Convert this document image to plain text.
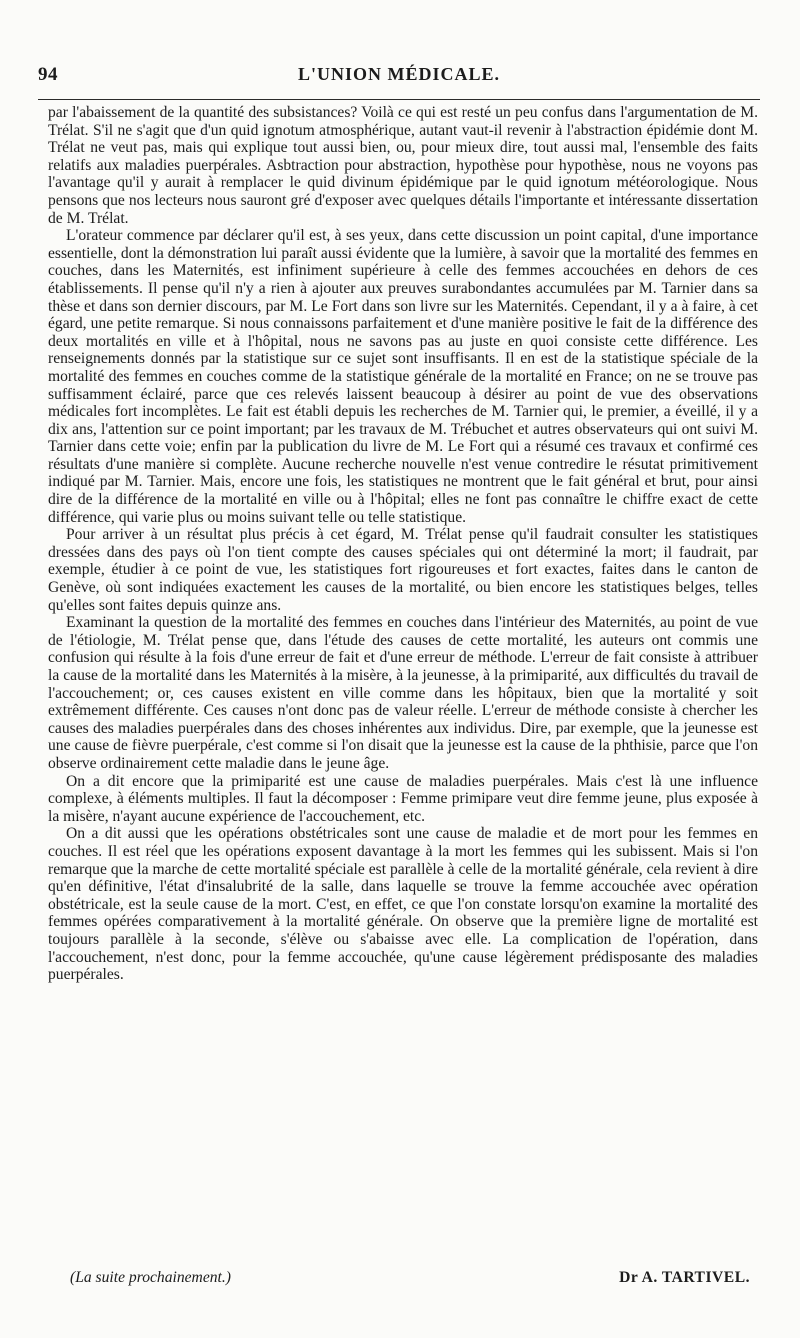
94	L'UNION MÉDICALE.

par l'abaissement de la quantité des subsistances? Voilà ce qui est resté un peu confus dans l'argumentation de M. Trélat. S'il ne s'agit que d'un quid ignotum atmosphérique, autant vaut-il revenir à l'abstraction épidémie dont M. Trélat ne veut pas, mais qui explique tout aussi bien, ou, pour mieux dire, tout aussi mal, l'ensemble des faits relatifs aux maladies puerpérales. Asbtraction pour abstraction, hypothèse pour hypothèse, nous ne voyons pas l'avantage qu'il y aurait à remplacer le quid divinum épidémique par le quid ignotum météorologique. Nous pensons que nos lecteurs nous sauront gré d'exposer avec quelques détails l'importante et intéressante dissertation de M. Trélat.

L'orateur commence par déclarer qu'il est, à ses yeux, dans cette discussion un point capital, d'une importance essentielle, dont la démonstration lui paraît aussi évidente que la lumière, à savoir que la mortalité des femmes en couches, dans les Maternités, est infiniment supérieure à celle des femmes accouchées en dehors de ces établissements. Il pense qu'il n'y a rien à ajouter aux preuves surabondantes accumulées par M. Tarnier dans sa thèse et dans son dernier discours, par M. Le Fort dans son livre sur les Maternités. Cependant, il y a à faire, à cet égard, une petite remarque. Si nous connaissons parfaitement et d'une manière positive le fait de la différence des deux mortalités en ville et à l'hôpital, nous ne savons pas au juste en quoi consiste cette différence. Les renseignements donnés par la statistique sur ce sujet sont insuffisants. Il en est de la statistique spéciale de la mortalité des femmes en couches comme de la statistique générale de la mortalité en France; on ne se trouve pas suffisamment éclairé, parce que ces relevés laissent beaucoup à désirer au point de vue des observations médicales fort incomplètes. Le fait est établi depuis les recherches de M. Tarnier qui, le premier, a éveillé, il y a dix ans, l'attention sur ce point important; par les travaux de M. Trébuchet et autres observateurs qui ont suivi M. Tarnier dans cette voie; enfin par la publication du livre de M. Le Fort qui a résumé ces travaux et confirmé ces résultats d'une manière si complète. Aucune recherche nouvelle n'est venue contredire le résutat primitivement indiqué par M. Tarnier. Mais, encore une fois, les statistiques ne montrent que le fait général et brut, pour ainsi dire de la différence de la mortalité en ville ou à l'hôpital; elles ne font pas connaître le chiffre exact de cette différence, qui varie plus ou moins suivant telle ou telle statistique.

Pour arriver à un résultat plus précis à cet égard, M. Trélat pense qu'il faudrait consulter les statistiques dressées dans des pays où l'on tient compte des causes spéciales qui ont déterminé la mort; il faudrait, par exemple, étudier à ce point de vue, les statistiques fort rigoureuses et fort exactes, faites dans le canton de Genève, où sont indiquées exactement les causes de la mortalité, ou bien encore les statistiques belges, telles qu'elles sont faites depuis quinze ans.

Examinant la question de la mortalité des femmes en couches dans l'intérieur des Maternités, au point de vue de l'étiologie, M. Trélat pense que, dans l'étude des causes de cette mortalité, les auteurs ont commis une confusion qui résulte à la fois d'une erreur de fait et d'une erreur de méthode. L'erreur de fait consiste à attribuer la cause de la mortalité dans les Maternités à la misère, à la jeunesse, à la primiparité, aux difficultés du travail de l'accouchement; or, ces causes existent en ville comme dans les hôpitaux, bien que la mortalité y soit extrêmement différente. Ces causes n'ont donc pas de valeur réelle. L'erreur de méthode consiste à chercher les causes des maladies puerpérales dans des choses inhérentes aux individus. Dire, par exemple, que la jeunesse est une cause de fièvre puerpérale, c'est comme si l'on disait que la jeunesse est la cause de la phthisie, parce que l'on observe ordinairement cette maladie dans le jeune âge.

On a dit encore que la primiparité est une cause de maladies puerpérales. Mais c'est là une influence complexe, à éléments multiples. Il faut la décomposer : Femme primipare veut dire femme jeune, plus exposée à la misère, n'ayant aucune expérience de l'accouchement, etc.

On a dit aussi que les opérations obstétricales sont une cause de maladie et de mort pour les femmes en couches. Il est réel que les opérations exposent davantage à la mort les femmes qui les subissent. Mais si l'on remarque que la marche de cette mortalité spéciale est parallèle à celle de la mortalité générale, cela revient à dire qu'en définitive, l'état d'insalubrité de la salle, dans laquelle se trouve la femme accouchée avec opération obstétricale, est la seule cause de la mort. C'est, en effet, ce que l'on constate lorsqu'on examine la mortalité des femmes opérées comparativement à la mortalité générale. On observe que la première ligne de mortalité est toujours parallèle à la seconde, s'élève ou s'abaisse avec elle. La complication de l'opération, dans l'accouchement, n'est donc, pour la femme accouchée, qu'une cause légèrement prédisposante des maladies puerpérales.

(La suite prochainement.)	Dr A. TARTIVEL.
